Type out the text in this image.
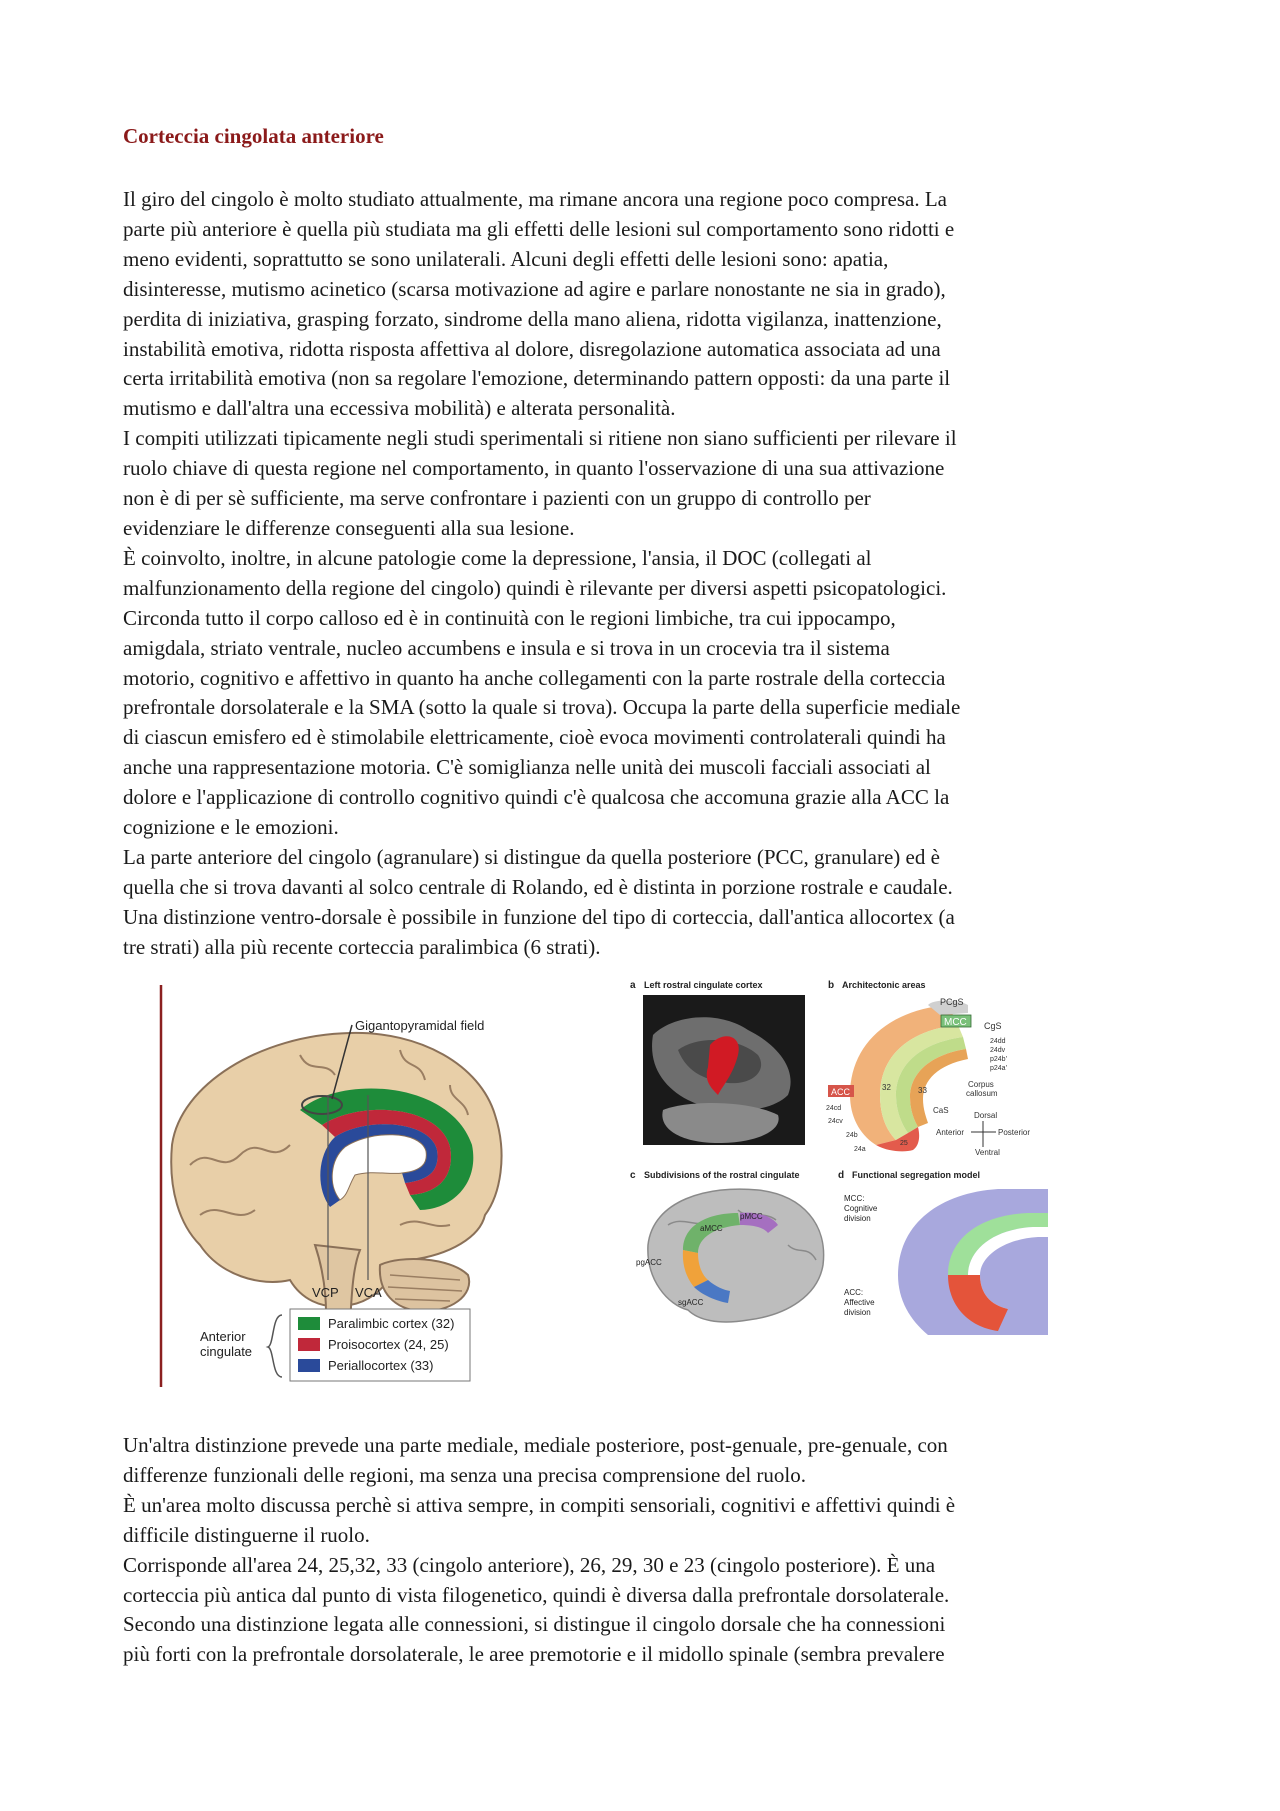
Corteccia cingolata anteriore

Il giro del cingolo è molto studiato attualmente, ma rimane ancora una regione poco compresa. La

parte più anteriore è quella più studiata ma gli effetti delle lesioni sul comportamento sono ridotti e

meno evidenti, soprattutto se sono unilaterali. Alcuni degli effetti delle lesioni sono: apatia,

disinteresse, mutismo acinetico (scarsa motivazione ad agire e parlare nonostante ne sia in grado),

perdita di iniziativa, grasping forzato, sindrome della mano aliena, ridotta vigilanza, inattenzione,

instabilità emotiva, ridotta risposta affettiva al dolore, disregolazione automatica associata ad una

certa irritabilità emotiva (non sa regolare l'emozione, determinando pattern opposti: da una parte il

mutismo e dall'altra una eccessiva mobilità) e alterata personalità.

I compiti utilizzati tipicamente negli studi sperimentali si ritiene non siano sufficienti per rilevare il

ruolo chiave di questa regione nel comportamento, in quanto l'osservazione di una sua attivazione

non è di per sè sufficiente, ma serve confrontare i pazienti con un gruppo di controllo per

evidenziare le differenze conseguenti alla sua lesione.

È coinvolto, inoltre, in alcune patologie come la depressione, l'ansia, il DOC (collegati al

malfunzionamento della regione del cingolo) quindi è rilevante per diversi aspetti psicopatologici.

Circonda tutto il corpo calloso ed è in continuità con le regioni limbiche, tra cui ippocampo,

amigdala, striato ventrale, nucleo accumbens e insula e si trova in un crocevia tra il sistema

motorio, cognitivo e affettivo in quanto ha anche collegamenti con la parte rostrale della corteccia

prefrontale dorsolaterale e la SMA (sotto la quale si trova). Occupa la parte della superficie mediale

di ciascun emisfero ed è stimolabile elettricamente, cioè evoca movimenti controlaterali quindi ha

anche una rappresentazione motoria. C'è somiglianza nelle unità dei muscoli facciali associati al

dolore e l'applicazione di controllo cognitivo quindi c'è qualcosa che accomuna grazie alla ACC la

cognizione e le emozioni.

La parte anteriore del cingolo (agranulare) si distingue da quella posteriore (PCC, granulare) ed è

quella che si trova davanti al solco centrale di Rolando, ed è distinta in porzione rostrale e caudale.

Una distinzione ventro-dorsale è possibile in funzione del tipo di corteccia, dall'antica allocortex (a

tre strati) alla più recente corteccia paralimbica (6 strati).

Gigantopyramidal field
VCP VCA
Anterior
cingulate
Paralimbic cortex (32)
Proisocortex (24, 25)
Periallocortex (33)
a Left rostral cingulate cortex	b Architectonic areas
MCC
PCgS
CgS
24dd
24dv
p24b'
p24a'
ACC	32	33
Corpus
callosum
24cd
24cv
CaS
24b
24a
25
Dorsal
Anterior	Posterior
Ventral
c Subdivisions of the rostral cingulate
aMCC
pMCC
pgACC
sgACC
d Functional segregation model
MCC:
Cognitive
division
ACC:
Affective
division

Un'altra distinzione prevede una parte mediale, mediale posteriore, post-genuale, pre-genuale, con

differenze funzionali delle regioni, ma senza una precisa comprensione del ruolo.

È un'area molto discussa perchè si attiva sempre, in compiti sensoriali, cognitivi e affettivi quindi è

difficile distinguerne il ruolo.

Corrisponde all'area 24, 25,32, 33 (cingolo anteriore), 26, 29, 30 e 23 (cingolo posteriore). È una

corteccia più antica dal punto di vista filogenetico, quindi è diversa dalla prefrontale dorsolaterale.

Secondo una distinzione legata alle connessioni, si distingue il cingolo dorsale che ha connessioni

più forti con la prefrontale dorsolaterale, le aree premotorie e il midollo spinale (sembra prevalere
